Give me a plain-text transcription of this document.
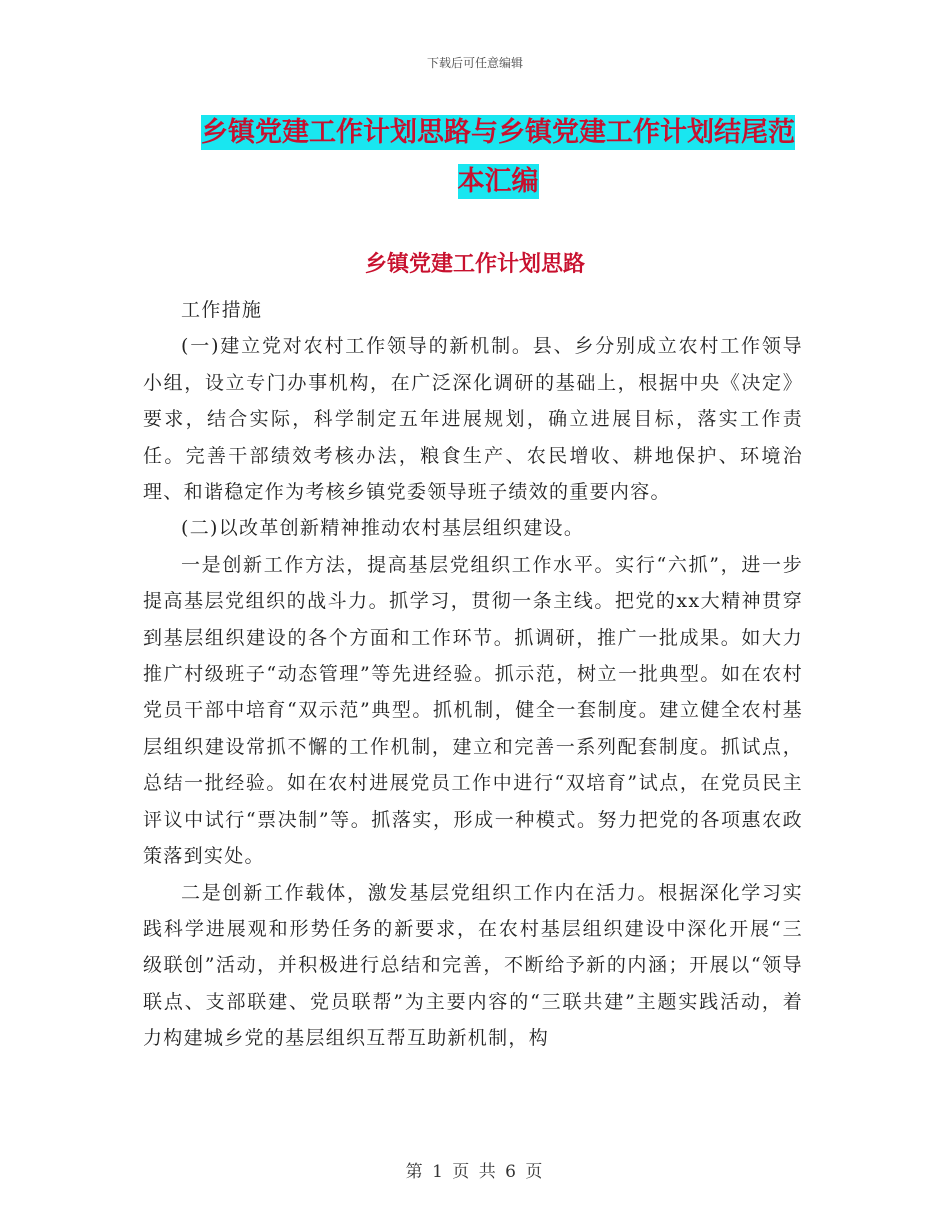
下载后可任意编辑
乡镇党建工作计划思路与乡镇党建工作计划结尾范本汇编
乡镇党建工作计划思路

工作措施

(一)建立党对农村工作领导的新机制。县、乡分别成立农村工作领导小组，设立专门办事机构，在广泛深化调研的基础上，根据中央《决定》要求，结合实际，科学制定五年进展规划，确立进展目标，落实工作责任。完善干部绩效考核办法，粮食生产、农民增收、耕地保护、环境治理、和谐稳定作为考核乡镇党委领导班子绩效的重要内容。

(二)以改革创新精神推动农村基层组织建设。

一是创新工作方法，提高基层党组织工作水平。实行“六抓”，进一步提高基层党组织的战斗力。抓学习，贯彻一条主线。把党的xx大精神贯穿到基层组织建设的各个方面和工作环节。抓调研，推广一批成果。如大力推广村级班子“动态管理”等先进经验。抓示范，树立一批典型。如在农村党员干部中培育“双示范”典型。抓机制，健全一套制度。建立健全农村基层组织建设常抓不懈的工作机制，建立和完善一系列配套制度。抓试点，总结一批经验。如在农村进展党员工作中进行“双培育”试点，在党员民主评议中试行“票决制”等。抓落实，形成一种模式。努力把党的各项惠农政策落到实处。

二是创新工作载体，激发基层党组织工作内在活力。根据深化学习实践科学进展观和形势任务的新要求，在农村基层组织建设中深化开展“三级联创”活动，并积极进行总结和完善，不断给予新的内涵；开展以“领导联点、支部联建、党员联帮”为主要内容的“三联共建”主题实践活动，着力构建城乡党的基层组织互帮互助新机制，构

第 1 页 共 6 页
